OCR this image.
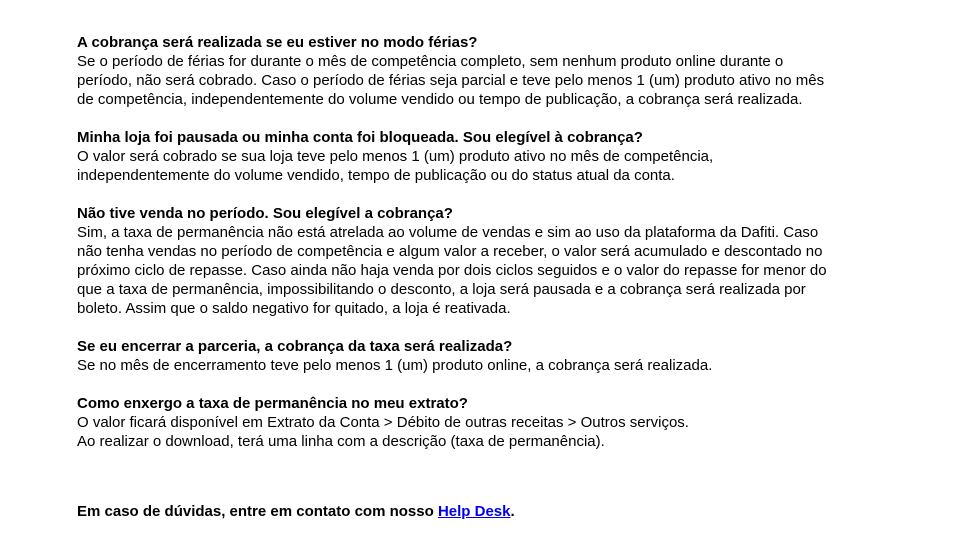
A cobrança será realizada se eu estiver no modo férias?

Se o período de férias for durante o mês de competência completo, sem nenhum produto online durante o
período, não será cobrado. Caso o período de férias seja parcial e teve pelo menos 1 (um) produto ativo no mês
de competência, independentemente do volume vendido ou tempo de publicação, a cobrança será realizada.

Minha loja foi pausada ou minha conta foi bloqueada. Sou elegível à cobrança?

O valor será cobrado se sua loja teve pelo menos 1 (um) produto ativo no mês de competência,
independentemente do volume vendido, tempo de publicação ou do status atual da conta.

Não tive venda no período. Sou elegível a cobrança?

Sim, a taxa de permanência não está atrelada ao volume de vendas e sim ao uso da plataforma da Dafiti. Caso
não tenha vendas no período de competência e algum valor a receber, o valor será acumulado e descontado no
próximo ciclo de repasse. Caso ainda não haja venda por dois ciclos seguidos e o valor do repasse for menor do
que a taxa de permanência, impossibilitando o desconto, a loja será pausada e a cobrança será realizada por
boleto. Assim que o saldo negativo for quitado, a loja é reativada.

Se eu encerrar a parceria, a cobrança da taxa será realizada?

Se no mês de encerramento teve pelo menos 1 (um) produto online, a cobrança será realizada.

Como enxergo a taxa de permanência no meu extrato?

O valor ficará disponível em Extrato da Conta > Débito de outras receitas > Outros serviços.
Ao realizar o download, terá uma linha com a descrição (taxa de permanência).

Em caso de dúvidas, entre em contato com nosso Help Desk.
